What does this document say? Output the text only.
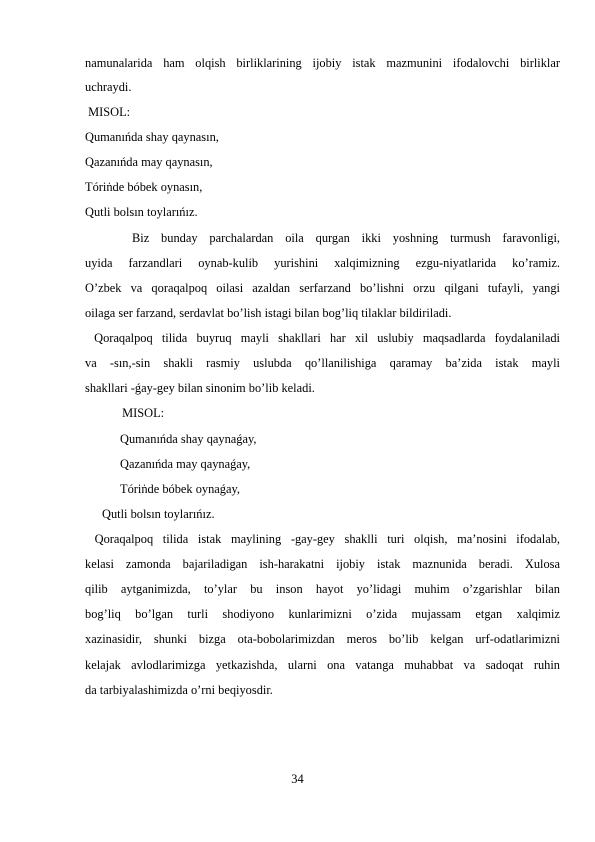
namunalarida ham olqish birliklarining ijobiy istak mazmunini ifodalovchi birliklar
uchraydi.
MISOL:
Qumanıńda shay qaynasın,
Qazanıńda may qaynasın,
Tóriṅde bóbek oynasın,
Qutli bolsın toylarıńız.
Biz bunday parchalardan oila qurgan ikki yoshning turmush faravonligi,
uyida farzandlari oynab-kulib yurishini xalqimizning ezgu-niyatlarida ko’ramiz.
O’zbek va qoraqalpoq oilasi azaldan serfarzand bo’lishni orzu qilgani tufayli, yangi
oilaga ser farzand, serdavlat bo’lish istagi bilan bog’liq tilaklar bildiriladi.
Qoraqalpoq tilida buyruq mayli shakllari har xil uslubiy maqsadlarda foydalaniladi
va -sın,-sin shakli rasmiy uslubda qo’llanilishiga qaramay ba’zida istak mayli
shakllari -ǵay-gey bilan sinonim bo’lib keladi.
MISOL:
Qumanıńda shay qaynaǵay,
Qazanıńda may qaynaǵay,
Tóriṅde bóbek oynaǵay,
Qutli bolsın toylarıńız.
Qoraqalpoq tilida istak maylining -gay-gey shaklli turi olqish, ma’nosini ifodalab,
kelasi zamonda bajariladigan ish-harakatni ijobiy istak maznunida beradi. Xulosa
qilib aytganimizda, to’ylar bu inson hayot yo’lidagi muhim o’zgarishlar bilan
bog’liq bo’lgan turli shodiyono kunlarimizni o’zida mujassam etgan xalqimiz
xazinasidir, shunki bizga ota-bobolarimizdan meros bo’lib kelgan urf-odatlarimizni
kelajak avlodlarimizga yetkazishda, ularni ona vatanga muhabbat va sadoqat ruhin
da tarbiyalashimizda o’rni beqiyosdir.
34
